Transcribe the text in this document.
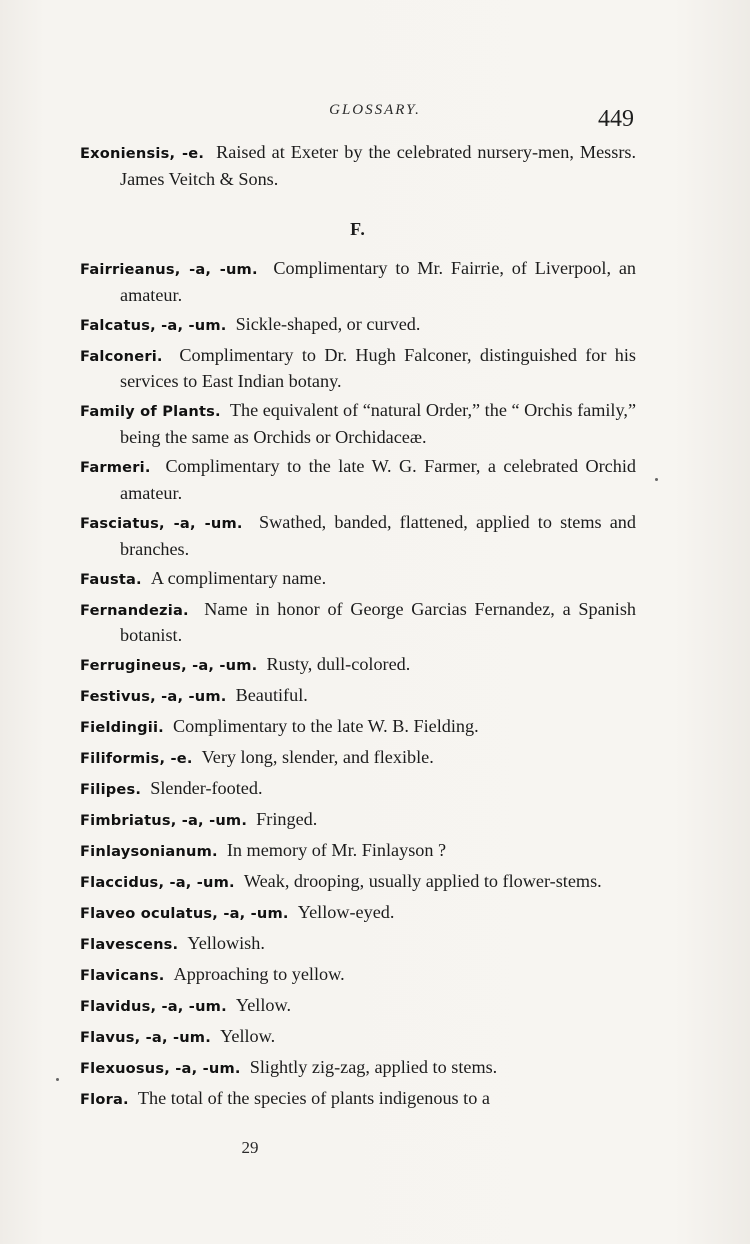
GLOSSARY.	449

Exoniensis, -e. Raised at Exeter by the celebrated nursery-men, Messrs. James Veitch & Sons.

F.

Fairrieanus, -a, -um. Complimentary to Mr. Fairrie, of Liverpool, an amateur.

Falcatus, -a, -um. Sickle-shaped, or curved.

Falconeri. Complimentary to Dr. Hugh Falconer, distinguished for his services to East Indian botany.

Family of Plants. The equivalent of “natural Order,” the “ Orchis family,” being the same as Orchids or Orchidaceæ.

Farmeri. Complimentary to the late W. G. Farmer, a celebrated Orchid amateur.

Fasciatus, -a, -um. Swathed, banded, flattened, applied to stems and branches.

Fausta. A complimentary name.

Fernandezia. Name in honor of George Garcias Fernandez, a Spanish botanist.

Ferrugineus, -a, -um. Rusty, dull-colored.

Festivus, -a, -um. Beautiful.

Fieldingii. Complimentary to the late W. B. Fielding.

Filiformis, -e. Very long, slender, and flexible.

Filipes. Slender-footed.

Fimbriatus, -a, -um. Fringed.

Finlaysonianum. In memory of Mr. Finlayson ?

Flaccidus, -a, -um. Weak, drooping, usually applied to flower-stems.

Flaveo oculatus, -a, -um. Yellow-eyed.

Flavescens. Yellowish.

Flavicans. Approaching to yellow.

Flavidus, -a, -um. Yellow.

Flavus, -a, -um. Yellow.

Flexuosus, -a, -um. Slightly zig-zag, applied to stems.

Flora. The total of the species of plants indigenous to a

29
